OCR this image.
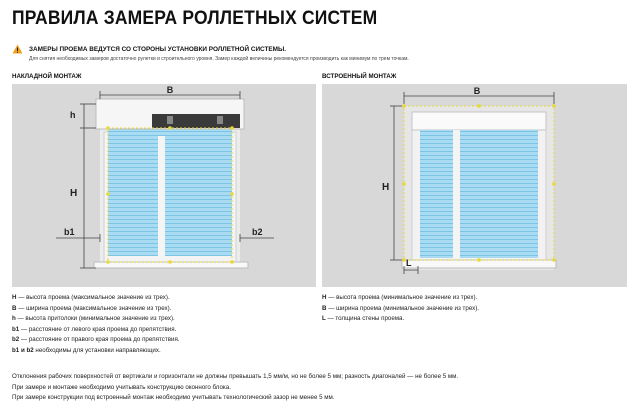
ПРАВИЛА ЗАМЕРА РОЛЛЕТНЫХ СИСТЕМ
ЗАМЕРЫ ПРОЕМА ВЕДУТСЯ СО СТОРОНЫ УСТАНОВКИ РОЛЛЕТНОЙ СИСТЕМЫ.
Для снятия необходимых замеров достаточно рулетки и строительного уровня. Замер каждой величины рекомендуется производить как минимум по трем точкам.
НАКЛАДНОЙ МОНТАЖ	ВСТРОЕННЫЙ МОНТАЖ
B
h
H
b1	b2
B
H
L
H — высота проема (максимальное значение из трех).
B — ширина проема (максимальное значение из трех).
h — высота притолоки (минимальное значение из трех).
b1 — расстояние от левого края проема до препятствия.
b2 — расстояние от правого края проема до препятствия.
b1 и b2 необходимы для установки направляющих.
H — высота проема (минимальное значение из трех).
B — ширина проема (минимальное значение из трех).
L — толщина стены проема.
Отклонения рабочих поверхностей от вертикали и горизонтали не должны превышать 1,5 мм/м, но не более 5 мм; разность диагоналей — не более 5 мм.
При замере и монтаже необходимо учитывать конструкцию оконного блока.
При замере конструкции под встроенный монтаж необходимо учитывать технологический зазор не менее 5 мм.
